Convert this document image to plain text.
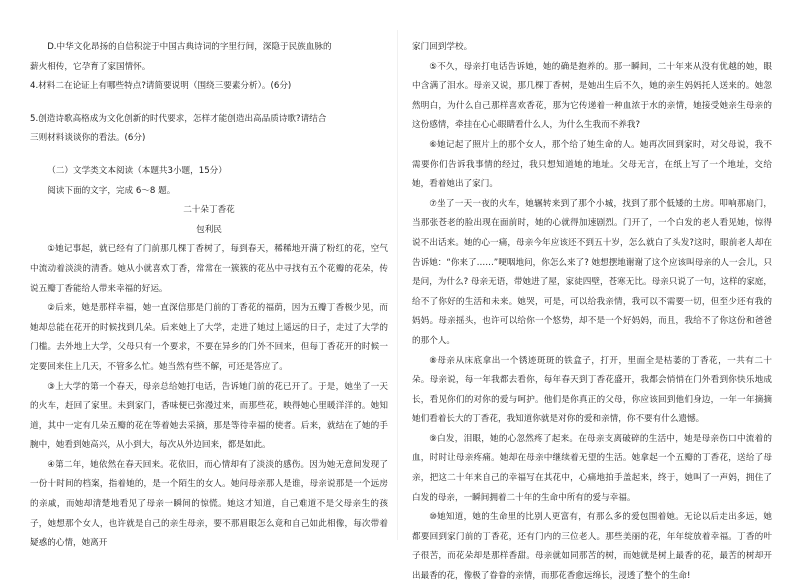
D.中华文化昂扬的自信积淀于中国古典诗词的字里行间，深隐于民族血脉的

薪火相传，它孕育了家国情怀。

4.材料二在论证上有哪些特点?请简要说明（围绕三要素分析）。(6分)

5.创造诗歌高格成为文化创新的时代要求，怎样才能创造出高品质诗歌?请结合

三则材料谈谈你的看法。(6分)

（二）文学类文本阅读（本题共3小题，15分）

阅读下面的文字，完成 6～8 题。

二十朵丁香花

包利民

①她记事起，就已经有了门前那几棵丁香树了，每到春天，稀稀地开满了粉红的花，空气中流动着淡淡的清香。她从小就喜欢丁香，常常在一簇簇的花丛中寻找有五个花瓣的花朵，传说五瓣丁香能给人带来幸福的好运。

②后来，她是那样幸福，她一直深信那是门前的丁香花的福荫，因为五瓣丁香极少见，而她却总能在花开的时候找到几朵。后来她上了大学，走进了她过上遥远的日子，走过了大学的门槛。去外地上大学，父母只有一个要求，不要在异乡的门外不回来，但每丁香花开的时候一定要回来住上几天，不管多么忙。她当然有些不解，可还是答应了。

③上大学的第一个春天，母亲总给她打电话，告诉她门前的花已开了。于是，她坐了一天的火车，赶回了家里。未到家门，香味便已弥漫过来，而那些花，映得她心里暖洋洋的。她知道，其中一定有几朵五瓣的花在等着她去采摘，那是等待幸福的使者。后来，就结在了她的手腕中，她看到她高兴，从小到大，每次从外边回来，都是如此。

④第二年，她依然在春天回来。花依旧，而心情却有了淡淡的感伤。因为她无意间发现了一份十时间的档案，指着她的，是一个陌生的女人。她问母亲那人是谁，母亲说那是一个远房的亲戚，而她却清楚地看见了母亲一瞬间的惊慌。她这才知道，自己难道不是父母亲生的孩子，她想那个女人，也许就是自己的亲生母亲，要不那眉眼怎么竟和自己如此相像，每次带着疑惑的心情，她离开

家门回到学校。

⑤不久，母亲打电话告诉她，她的确是抱养的。那一瞬间，二十年来从没有优越的她，眼中含满了泪水。母亲又说，那几棵丁香树，是她出生后不久，她的亲生妈妈托人送来的。她忽然明白，为什么自己那样喜欢香花，那为它传递着一种血浓于水的亲情，她接受她亲生母亲的这份感情，牵挂在心心眼睛看什么人，为什么生我而不养我?

⑥她记起了照片上的那个女人，那个给了她生命的人。她再次回到家时，对父母说，我不需要你们告诉我事情的经过，我只想知道她的地址。父母无言，在纸上写了一个地址，交给她，看着她出了家门。

⑦坐了一天一夜的火车，她辗转来到了那个小城，找到了那个低矮的土房。叩响那扇门，当那张苍老的脸出现在面前时，她的心就得加速剧烈。门开了，一个白发的老人看见她，惊得说不出话来。她的心一痛，母亲今年应该还不到五十岁，怎么就白了头发?这时，眼前老人却在告诉她：“你来了……”哽咽地问，你怎么来了? 她想摆地谢谢了这个应该叫母亲的人一会儿，只是问，为什么? 母亲无语，带她进了屋，家徒四壁，苍寒无比。母亲只说了一句，这样的家庭，给不了你好的生活和未来。她哭，可是，可以给我亲情，我可以不需要一切，但至少还有我的妈妈。母亲摇头，也许可以给你一个悠势，却不是一个好妈妈，而且，我给不了你这份和爸爸的那个人。

⑧母亲从床底拿出一个锈迹斑斑的铁盒子，打开，里面全是枯萎的丁香花，一共有二十朵。母亲说，每一年我都去看你，每年春天到丁香花盛开，我都会悄悄在门外看到你快乐地成长，看见你们的对你的爱与呵护。他们是你真正的父母，你应该回到他们身边，一年一年摘摘她们看着长大的丁香花，我知道你就是对你的爱和亲情，你不要有什么遗憾。

⑨白发，泪眼，她的心忽然疼了起来。在母亲支离破碎的生活中，她是母亲伤口中流着的血，时时让母亲疼痛。她却在母亲中继续着无望的生活。她拿起一个五瓣的丁香花，送给了母亲，把这二十年来自己的幸福写在其花中，心痛地拍手盖起来，终于，她叫了一声妈，拥住了白发的母亲，一瞬间拥着二十年的生命中所有的爱与幸福。

⑩她知道，她的生命里的比别人更富有，有那么多的爱包围着她。无论以后走出多远，她都要回到家门前的丁香花，还有门内的三位老人。那些美丽的花，年年绽放着幸福。丁香的叶子很苦，而花朵却是那样香甜。母亲就如同那苦的树，而她就是树上最香的花，最苦的树却开出最香的花，像极了眷眷的亲情，而那花香愈远绵长，浸透了整个的生命!
